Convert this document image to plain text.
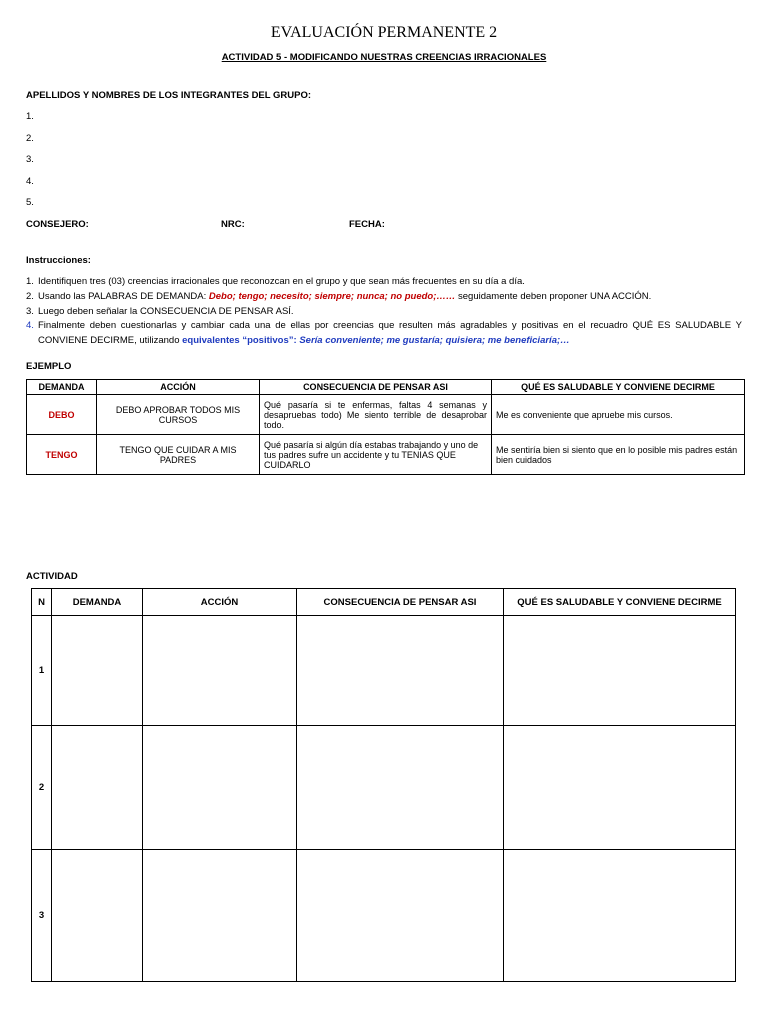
EVALUACIÓN PERMANENTE 2
ACTIVIDAD 5 - MODIFICANDO NUESTRAS CREENCIAS IRRACIONALES
APELLIDOS Y NOMBRES DE LOS INTEGRANTES DEL GRUPO:
1.
2.
3.
4.
5.
CONSEJERO:	NRC:	FECHA:
Instrucciones:
1. Identifiquen tres (03) creencias irracionales que reconozcan en el grupo y que sean más frecuentes en su día a día.
2. Usando las PALABRAS DE DEMANDA: Debo; tengo; necesito; siempre; nunca; no puedo;…… seguidamente deben proponer UNA ACCIÓN.
3. Luego deben señalar la CONSECUENCIA DE PENSAR ASÍ.
4. Finalmente deben cuestionarlas y cambiar cada una de ellas por creencias que resulten más agradables y positivas en el recuadro QUÉ ES SALUDABLE Y CONVIENE DECIRME, utilizando equivalentes “positivos”: Sería conveniente; me gustaría; quisiera; me beneficiaría;…
EJEMPLO
DEMANDA	ACCIÓN	CONSECUENCIA DE PENSAR ASI	QUÉ ES SALUDABLE Y CONVIENE DECIRME
DEBO	DEBO APROBAR TODOS MIS CURSOS	Qué pasaría si te enfermas, faltas 4 semanas y desapruebas todo) Me siento terrible de desaprobar todo.	Me es conveniente que apruebe mis cursos.
TENGO	TENGO QUE CUIDAR A MIS PADRES	Qué pasaría si algún día estabas trabajando y uno de tus padres sufre un accidente y tu TENIAS QUE CUIDARLO	Me sentiría bien si siento que en lo posible mis padres están bien cuidados
ACTIVIDAD
N	DEMANDA	ACCIÓN	CONSECUENCIA DE PENSAR ASI	QUÉ ES SALUDABLE Y CONVIENE DECIRME
1				
2				
3				
